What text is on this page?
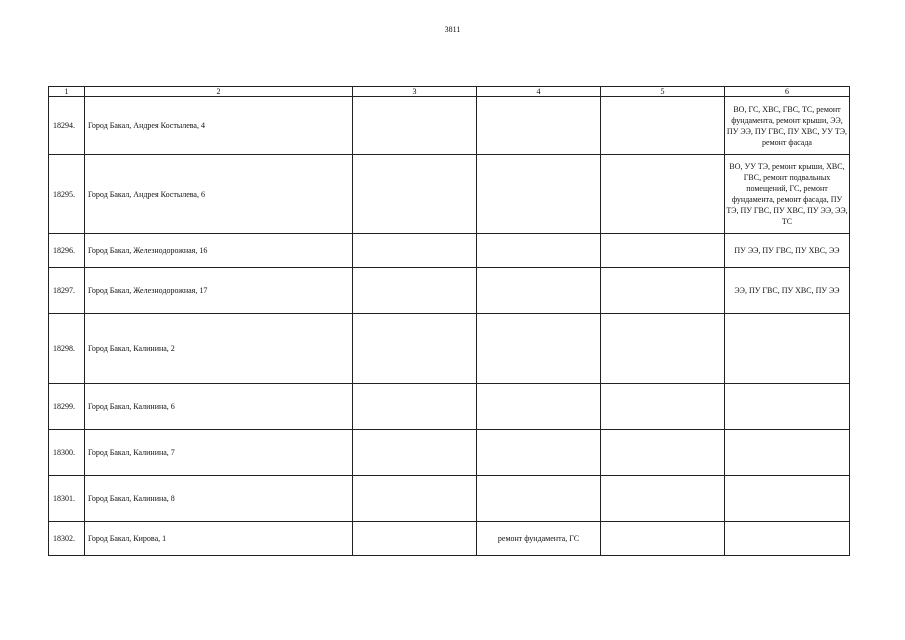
3811
1	2	3	4	5	6
18294.	Город Бакал, Андрея Костылева, 4				ВО, ГС, ХВС, ГВС, ТС, ремонт фундамента, ремонт крыши, ЭЭ, ПУ ЭЭ, ПУ ГВС, ПУ ХВС, УУ ТЭ, ремонт фасада
18295.	Город Бакал, Андрея Костылева, 6				ВО, УУ ТЭ, ремонт крыши, ХВС, ГВС, ремонт подвальных помещений, ГС, ремонт фундамента, ремонт фасада, ПУ ТЭ, ПУ ГВС, ПУ ХВС, ПУ ЭЭ, ЭЭ, ТС
18296.	Город Бакал, Железнодорожная, 16				ПУ ЭЭ, ПУ ГВС, ПУ ХВС, ЭЭ
18297.	Город Бакал, Железнодорожная, 17				ЭЭ, ПУ ГВС, ПУ ХВС, ПУ ЭЭ
18298.	Город Бакал, Калинина, 2				
18299.	Город Бакал, Калинина, 6				
18300.	Город Бакал, Калинина, 7				
18301.	Город Бакал, Калинина, 8				
18302.	Город Бакал, Кирова, 1		ремонт фундамента, ГС		
